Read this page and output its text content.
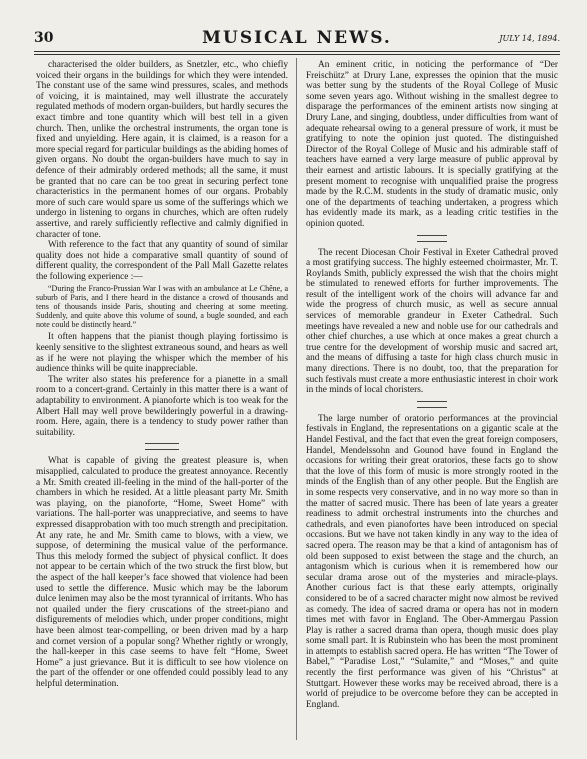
30	MUSICAL NEWS.	JULY 14, 1894.

characterised the older builders, as Snetzler, etc., who chiefly voiced their organs in the buildings for which they were intended. The constant use of the same wind pressures, scales, and methods of voicing, it is maintained, may well illustrate the accurately regulated methods of modern organ-builders, but hardly secures the exact timbre and tone quantity which will best tell in a given church. Then, unlike the orchestral instruments, the organ tone is fixed and unyielding. Here again, it is claimed, is a reason for a more special regard for particular buildings as the abiding homes of given organs. No doubt the organ-builders have much to say in defence of their admirably ordered methods; all the same, it must be granted that no care can be too great in securing perfect tone characteristics in the permanent homes of our organs. Probably more of such care would spare us some of the sufferings which we undergo in listening to organs in churches, which are often rudely assertive, and rarely sufficiently reflective and calmly dignified in character of tone.

With reference to the fact that any quantity of sound of similar quality does not hide a comparative small quantity of sound of different quality, the correspondent of the Pall Mall Gazette relates the following experience :—

“During the Franco-Prussian War I was with an ambulance at Le Chêne, a suburb of Paris, and I there heard in the distance a crowd of thousands and tens of thousands inside Paris, shouting and cheering at some meeting. Suddenly, and quite above this volume of sound, a bugle sounded, and each note could be distinctly heard.”

It often happens that the pianist though playing fortissimo is keenly sensitive to the slightest extraneous sound, and hears as well as if he were not playing the whisper which the member of his audience thinks will be quite inappreciable.

The writer also states his preference for a pianette in a small room to a concert-grand. Certainly in this matter there is a want of adaptability to environment. A pianoforte which is too weak for the Albert Hall may well prove bewilderingly powerful in a drawing-room. Here, again, there is a tendency to study power rather than suitability.

What is capable of giving the greatest pleasure is, when misapplied, calculated to produce the greatest annoyance. Recently a Mr. Smith created ill-feeling in the mind of the hall-porter of the chambers in which he resided. At a little pleasant party Mr. Smith was playing, on the pianoforte, “Home, Sweet Home” with variations. The hall-porter was unappreciative, and seems to have expressed disapprobation with too much strength and precipitation. At any rate, he and Mr. Smith came to blows, with a view, we suppose, of determining the musical value of the performance. Thus this melody formed the subject of physical conflict. It does not appear to be certain which of the two struck the first blow, but the aspect of the hall keeper’s face showed that violence had been used to settle the difference. Music which may be the laborum dulce lenimen may also be the most tyrannical of irritants. Who has not quailed under the fiery cruscations of the street-piano and disfigurements of melodies which, under proper conditions, might have been almost tear-compelling, or been driven mad by a harp and cornet version of a popular song? Whether rightly or wrongly, the hall-keeper in this case seems to have felt “Home, Sweet Home” a just grievance. But it is difficult to see how violence on the part of the offender or one offended could possibly lead to any helpful determination.

An eminent critic, in noticing the performance of “Der Freischütz” at Drury Lane, expresses the opinion that the music was better sung by the students of the Royal College of Music some seven years ago. Without wishing in the smallest degree to disparage the performances of the eminent artists now singing at Drury Lane, and singing, doubtless, under difficulties from want of adequate rehearsal owing to a general pressure of work, it must be gratifying to note the opinion just quoted. The distinguished Director of the Royal College of Music and his admirable staff of teachers have earned a very large measure of public approval by their earnest and artistic labours. It is specially gratifying at the present moment to recognise with unqualified praise the progress made by the R.C.M. students in the study of dramatic music, only one of the departments of teaching undertaken, a progress which has evidently made its mark, as a leading critic testifies in the opinion quoted.

The recent Diocesan Choir Festival in Exeter Cathedral proved a most gratifying success. The highly esteemed choirmaster, Mr. T. Roylands Smith, publicly expressed the wish that the choirs might be stimulated to renewed efforts for further improvements. The result of the intelligent work of the choirs will advance far and wide the progress of church music, as well as secure annual services of memorable grandeur in Exeter Cathedral. Such meetings have revealed a new and noble use for our cathedrals and other chief churches, a use which at once makes a great church a true centre for the development of worship music and sacred art, and the means of diffusing a taste for high class church music in many directions. There is no doubt, too, that the preparation for such festivals must create a more enthusiastic interest in choir work in the minds of local choristers.

The large number of oratorio performances at the provincial festivals in England, the representations on a gigantic scale at the Handel Festival, and the fact that even the great foreign composers, Handel, Mendelssohn and Gounod have found in England the occasions for writing their great oratorios, these facts go to show that the love of this form of music is more strongly rooted in the minds of the English than of any other people. But the English are in some respects very conservative, and in no way more so than in the matter of sacred music. There has been of late years a greater readiness to admit orchestral instruments into the churches and cathedrals, and even pianofortes have been introduced on special occasions. But we have not taken kindly in any way to the idea of sacred opera. The reason may be that a kind of antagonism has of old been supposed to exist between the stage and the church, an antagonism which is curious when it is remembered how our secular drama arose out of the mysteries and miracle-plays. Another curious fact is that these early attempts, originally considered to be of a sacred character might now almost be revived as comedy. The idea of sacred drama or opera has not in modern times met with favor in England. The Ober-Ammergau Passion Play is rather a sacred drama than opera, though music does play some small part. It is Rubinstein who has been the most prominent in attempts to establish sacred opera. He has written “The Tower of Babel,” “Paradise Lost,” “Sulamite,” and “Moses,” and quite recently the first performance was given of his “Christus” at Stuttgart. However these works may be received abroad, there is a world of prejudice to be overcome before they can be accepted in England.
